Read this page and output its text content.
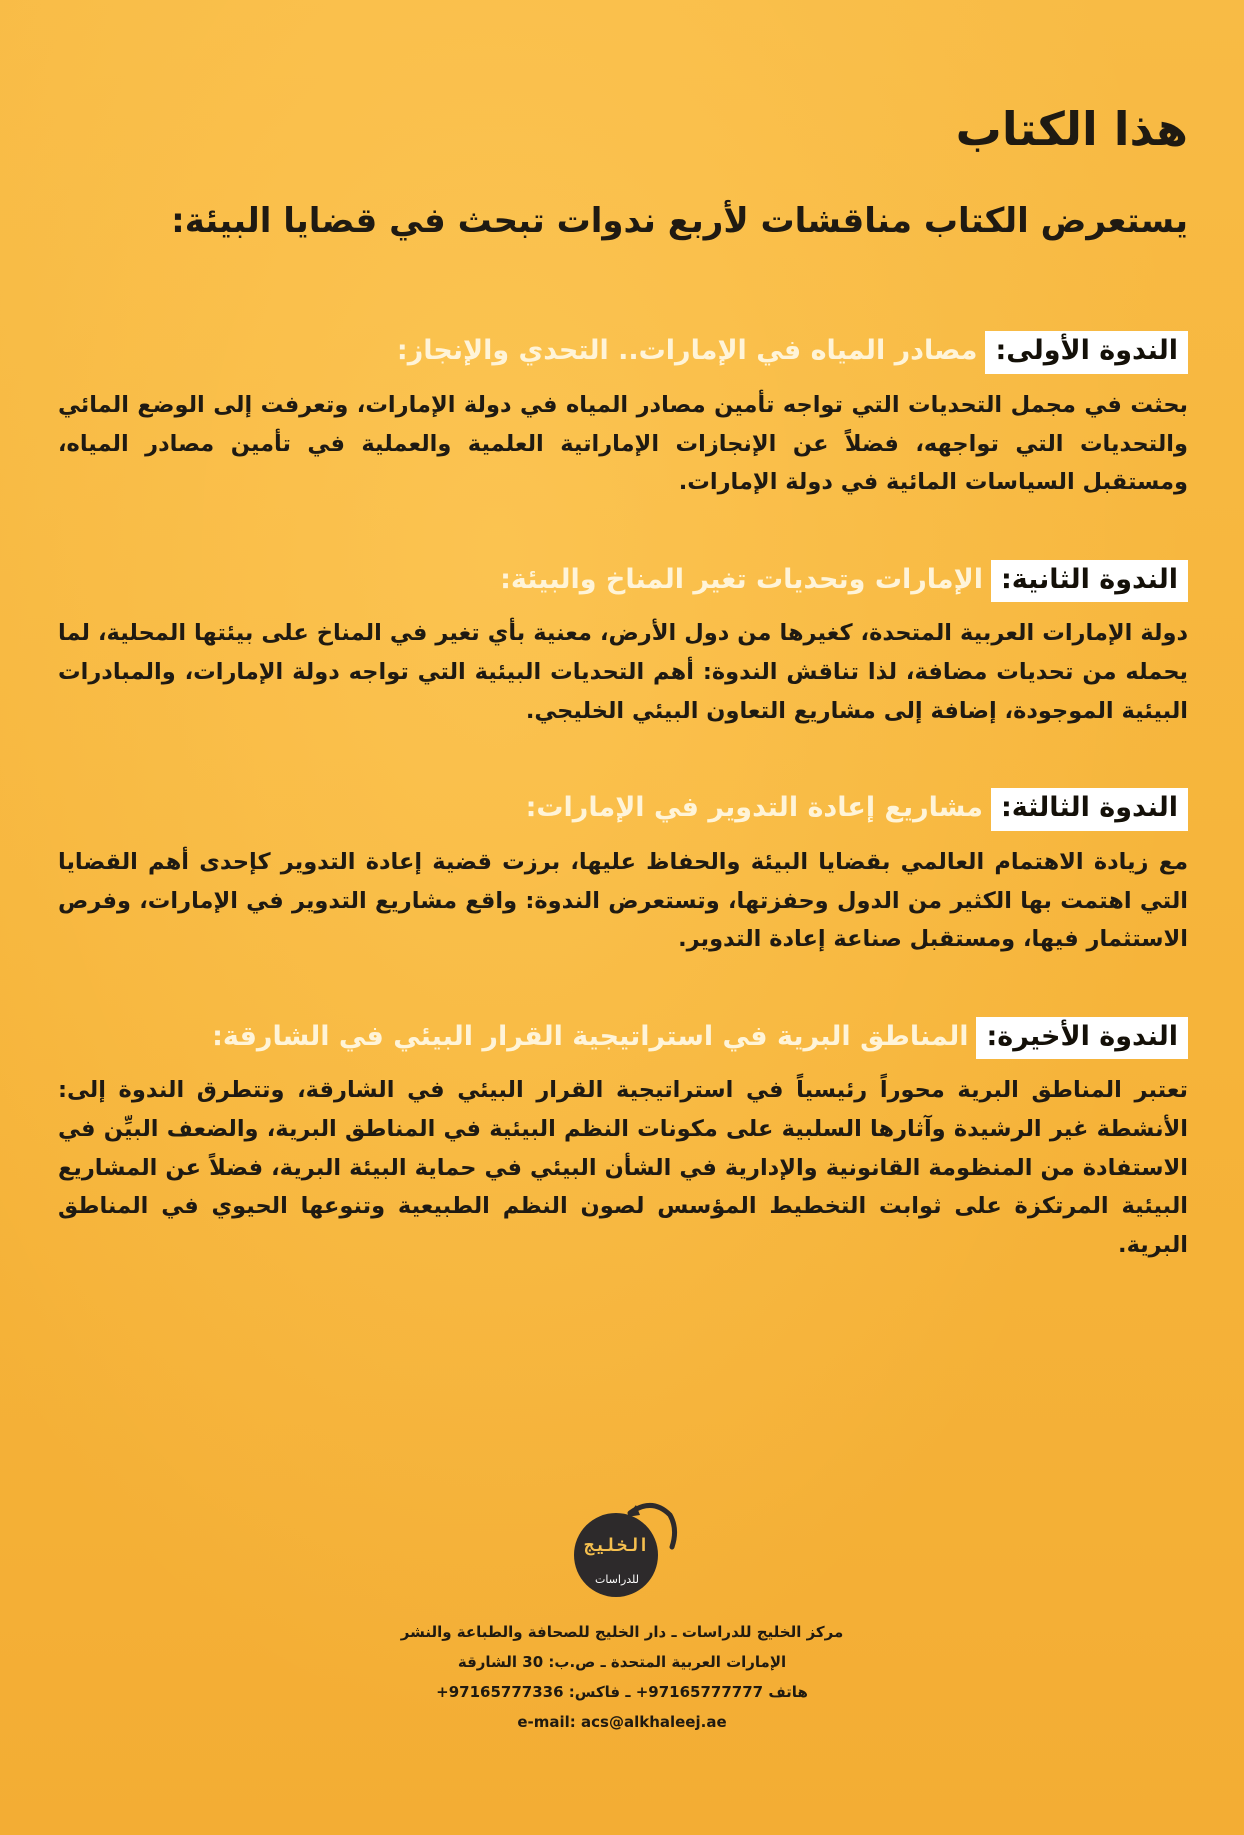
هذا الكتاب
يستعرض الكتاب مناقشات لأربع ندوات تبحث في قضايا البيئة:
الندوة الأولى:مصادر المياه في الإمارات.. التحدي والإنجاز:

بحثت في مجمل التحديات التي تواجه تأمين مصادر المياه في دولة الإمارات، وتعرفت إلى الوضع المائي والتحديات التي تواجهه، فضلاً عن الإنجازات الإماراتية العلمية والعملية في تأمين مصادر المياه، ومستقبل السياسات المائية في دولة الإمارات.

الندوة الثانية:الإمارات وتحديات تغير المناخ والبيئة:

دولة الإمارات العربية المتحدة، كغيرها من دول الأرض، معنية بأي تغير في المناخ على بيئتها المحلية، لما يحمله من تحديات مضافة، لذا تناقش الندوة: أهم التحديات البيئية التي تواجه دولة الإمارات، والمبادرات البيئية الموجودة، إضافة إلى مشاريع التعاون البيئي الخليجي.

الندوة الثالثة:مشاريع إعادة التدوير في الإمارات:

مع زيادة الاهتمام العالمي بقضايا البيئة والحفاظ عليها، برزت قضية إعادة التدوير كإحدى أهم القضايا التي اهتمت بها الكثير من الدول وحفزتها، وتستعرض الندوة: واقع مشاريع التدوير في الإمارات، وفرص الاستثمار فيها، ومستقبل صناعة إعادة التدوير.

الندوة الأخيرة:المناطق البرية في استراتيجية القرار البيئي في الشارقة:

تعتبر المناطق البرية محوراً رئيسياً في استراتيجية القرار البيئي في الشارقة، وتتطرق الندوة إلى: الأنشطة غير الرشيدة وآثارها السلبية على مكونات النظم البيئية في المناطق البرية، والضعف البيِّن في الاستفادة من المنظومة القانونية والإدارية في الشأن البيئي في حماية البيئة البرية، فضلاً عن المشاريع البيئية المرتكزة على ثوابت التخطيط المؤسس لصون النظم الطبيعية وتنوعها الحيوي في المناطق البرية.

الخليج
للدراسات
مركز الخليج للدراسات ـ دار الخليج للصحافة والطباعة والنشر
الإمارات العربية المتحدة ـ ص.ب: 30 الشارقة
هاتف 97165777777+ ـ فاكس: 97165777336+
e-mail: acs@alkhaleej.ae
